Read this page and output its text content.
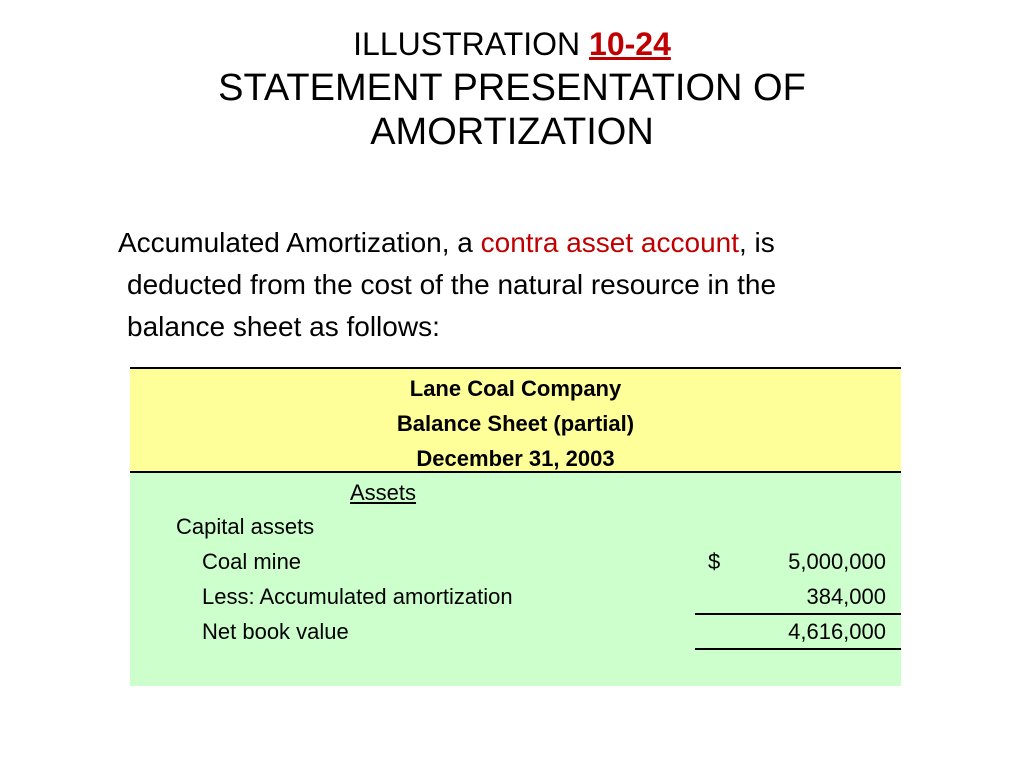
ILLUSTRATION 10-24
STATEMENT PRESENTATION OF
AMORTIZATION
Accumulated Amortization, a contra asset account, is
deducted from the cost of the natural resource in the
balance sheet as follows:
Lane Coal Company
Balance Sheet (partial)
December 31, 2003
Assets
Capital assets
Coal mine	$	5,000,000
Less: Accumulated amortization	384,000
Net book value	4,616,000
